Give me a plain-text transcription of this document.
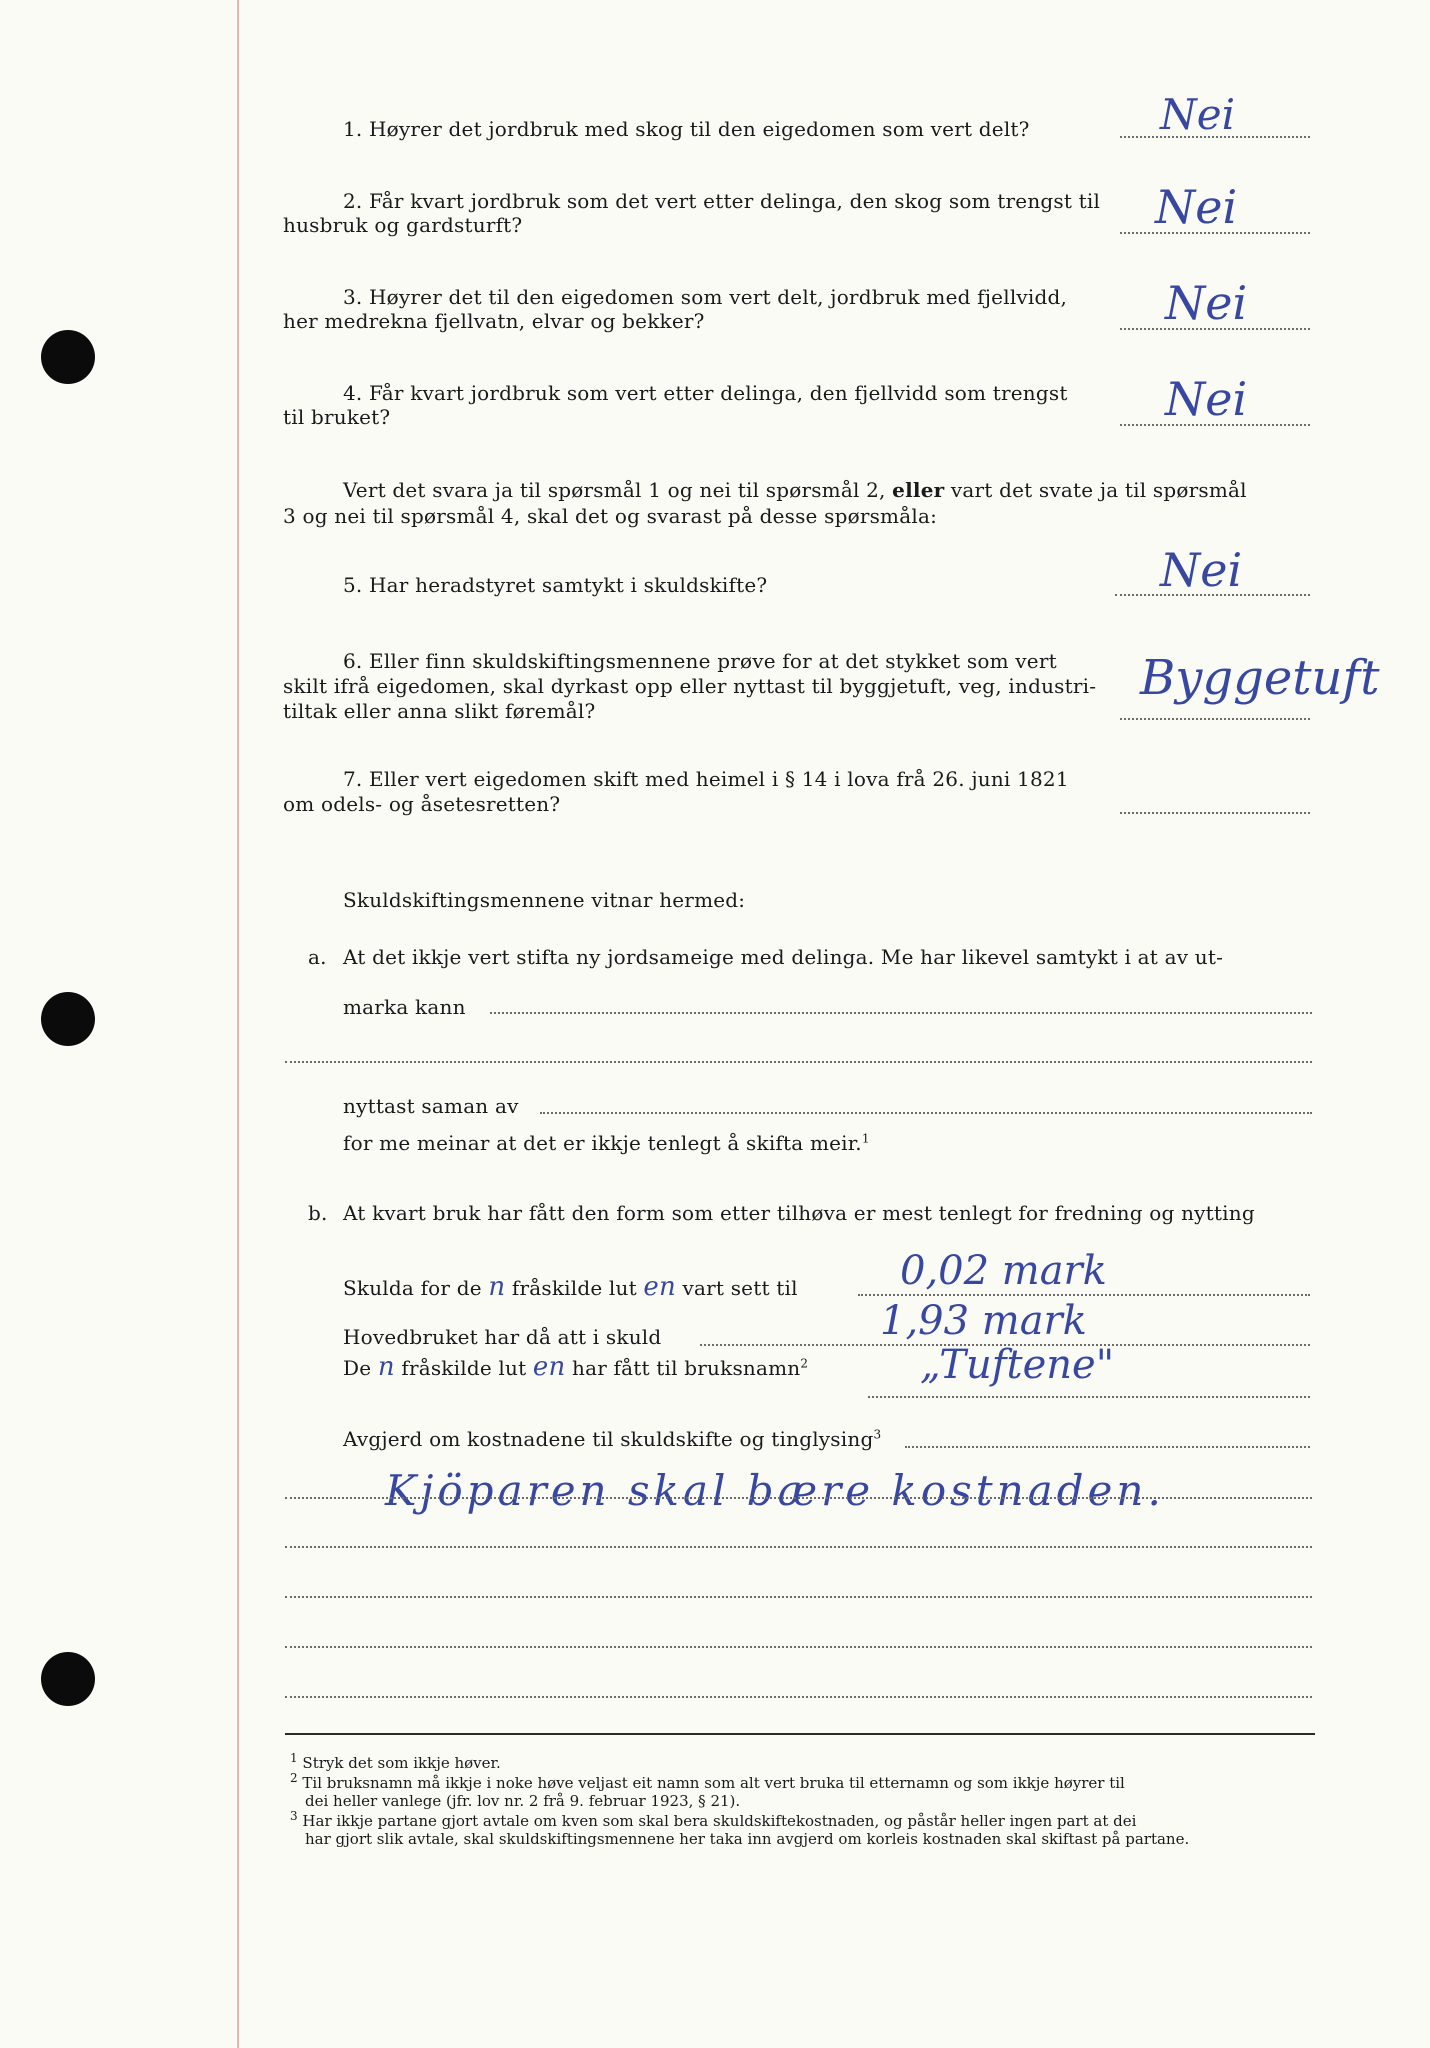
1. Høyrer det jordbruk med skog til den eigedomen som vert delt?	Nei
2. Får kvart jordbruk som det vert etter delinga, den skog som trengst til
husbruk og gardsturft?	Nei
3. Høyrer det til den eigedomen som vert delt, jordbruk med fjellvidd,
her medrekna fjellvatn, elvar og bekker?	Nei
4. Får kvart jordbruk som vert etter delinga, den fjellvidd som trengst
til bruket?	Nei
Vert det svara ja til spørsmål 1 og nei til spørsmål 2, eller vart det svate ja til spørsmål
3 og nei til spørsmål 4, skal det og svarast på desse spørsmåla:
5. Har heradstyret samtykt i skuldskifte?	Nei
6. Eller finn skuldskiftingsmennene prøve for at det stykket som vert
skilt ifrå eigedomen, skal dyrkast opp eller nyttast til byggjetuft, veg, industri-
tiltak eller anna slikt føremål?
Byggetuft
7. Eller vert eigedomen skift med heimel i § 14 i lova frå 26. juni 1821
om odels- og åsetesretten?
Skuldskiftingsmennene vitnar hermed:
a. At det ikkje vert stifta ny jordsameige med delinga. Me har likevel samtykt i at av ut-
marka kann
nyttast saman av
for me meinar at det er ikkje tenlegt å skifta meir.$^1$
b. At kvart bruk har fått den form som etter tilhøva er mest tenlegt for fredning og nytting
Skulda for de n fråskilde lut en vart sett til	0,02 mark
Hovedbruket har då att i skuld	1,93 mark
De n fråskilde lut en har fått til bruksnamn$^2$	„Tuftene"
Avgjerd om kostnadene til skuldskifte og tinglysing$^3$
Kjöparen skal bære kostnaden.
$^1$ Stryk det som ikkje høver.
$^2$ Til bruksnamn må ikkje i noke høve veljast eit namn som alt vert bruka til etternamn og som ikkje høyrer til
dei heller vanlege (jfr. lov nr. 2 frå 9. februar 1923, § 21).
$^3$ Har ikkje partane gjort avtale om kven som skal bera skuldskiftekostnaden, og påstår heller ingen part at dei
har gjort slik avtale, skal skuldskiftingsmennene her taka inn avgjerd om korleis kostnaden skal skiftast på partane.
